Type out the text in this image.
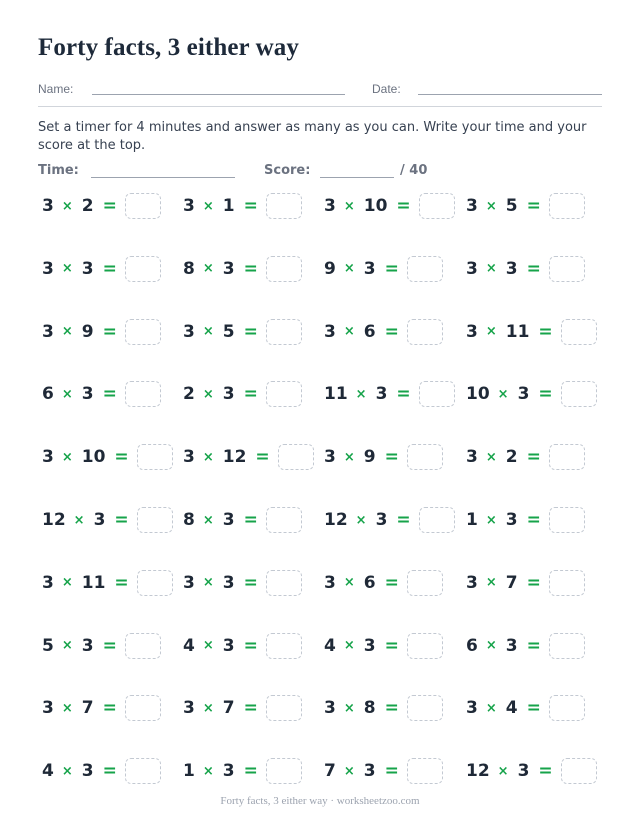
Forty facts, 3 either way
Name:	Date:
Set a timer for 4 minutes and answer as many as you can. Write your time and your score at the top.
Time:	Score:	/ 40
3 × 2 =	3 × 1 =	3 × 10 =	3 × 5 =
3 × 3 =	8 × 3 =	9 × 3 =	3 × 3 =
3 × 9 =	3 × 5 =	3 × 6 =	3 × 11 =
6 × 3 =	2 × 3 =	11 × 3 =	10 × 3 =
3 × 10 =	3 × 12 =	3 × 9 =	3 × 2 =
12 × 3 =	8 × 3 =	12 × 3 =	1 × 3 =
3 × 11 =	3 × 3 =	3 × 6 =	3 × 7 =
5 × 3 =	4 × 3 =	4 × 3 =	6 × 3 =
3 × 7 =	3 × 7 =	3 × 8 =	3 × 4 =
4 × 3 =	1 × 3 =	7 × 3 =	12 × 3 =
Forty facts, 3 either way · worksheetzoo.com
